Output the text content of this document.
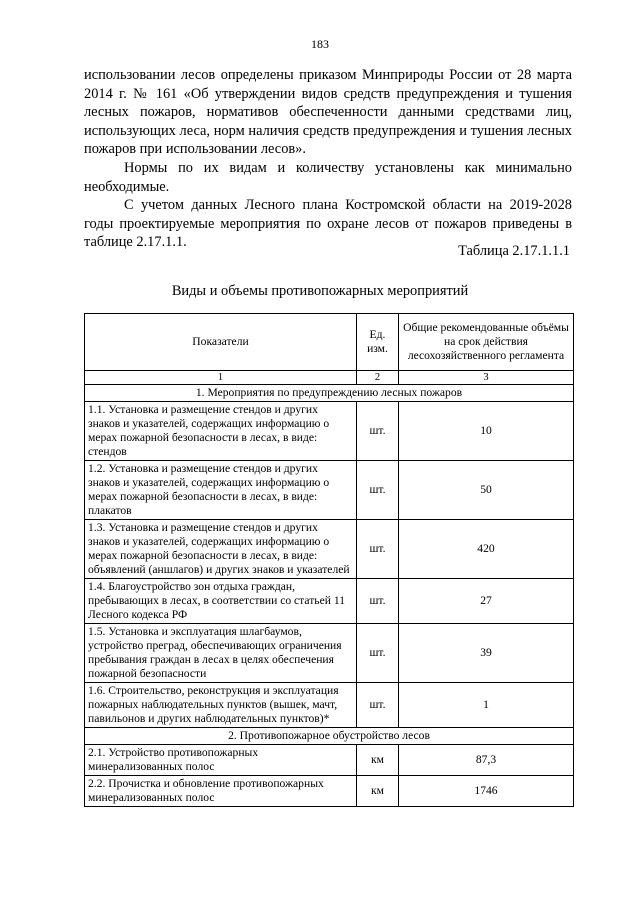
183

использовании лесов определены приказом Минприроды России от 28 марта 2014 г. № 161 «Об утверждении видов средств предупреждения и тушения лесных пожаров, нормативов обеспеченности данными средствами лиц, использующих леса, норм наличия средств предупреждения и тушения лесных пожаров при использовании лесов».

Нормы по их видам и количеству установлены как минимально необходимые.

С учетом данных Лесного плана Костромской области на 2019-2028 годы проектируемые мероприятия по охране лесов от пожаров приведены в таблице 2.17.1.1.

Таблица 2.17.1.1.1
Виды и объемы противопожарных мероприятий
Показатели	Ед. изм.	Общие рекомендованные объёмы на срок действия лесохозяйственного регламента
1	2	3
1. Мероприятия по предупреждению лесных пожаров		
1.1. Установка и размещение стендов и других знаков и указателей, содержащих информацию о мерах пожарной безопасности в лесах, в виде: стендов	шт.	10
1.2. Установка и размещение стендов и других знаков и указателей, содержащих информацию о мерах пожарной безопасности в лесах, в виде: плакатов	шт.	50
1.3. Установка и размещение стендов и других знаков и указателей, содержащих информацию о мерах пожарной безопасности в лесах, в виде: объявлений (аншлагов) и других знаков и указателей	шт.	420
1.4. Благоустройство зон отдыха граждан, пребывающих в лесах, в соответствии со статьей 11 Лесного кодекса РФ	шт.	27
1.5. Установка и эксплуатация шлагбаумов, устройство преград, обеспечивающих ограничения пребывания граждан в лесах в целях обеспечения пожарной безопасности	шт.	39
1.6. Строительство, реконструкция и эксплуатация пожарных наблюдательных пунктов (вышек, мачт, павильонов и других наблюдательных пунктов)*	шт.	1
2. Противопожарное обустройство лесов		
2.1. Устройство противопожарных минерализованных полос	км	87,3
2.2. Прочистка и обновление противопожарных минерализованных полос	км	1746
